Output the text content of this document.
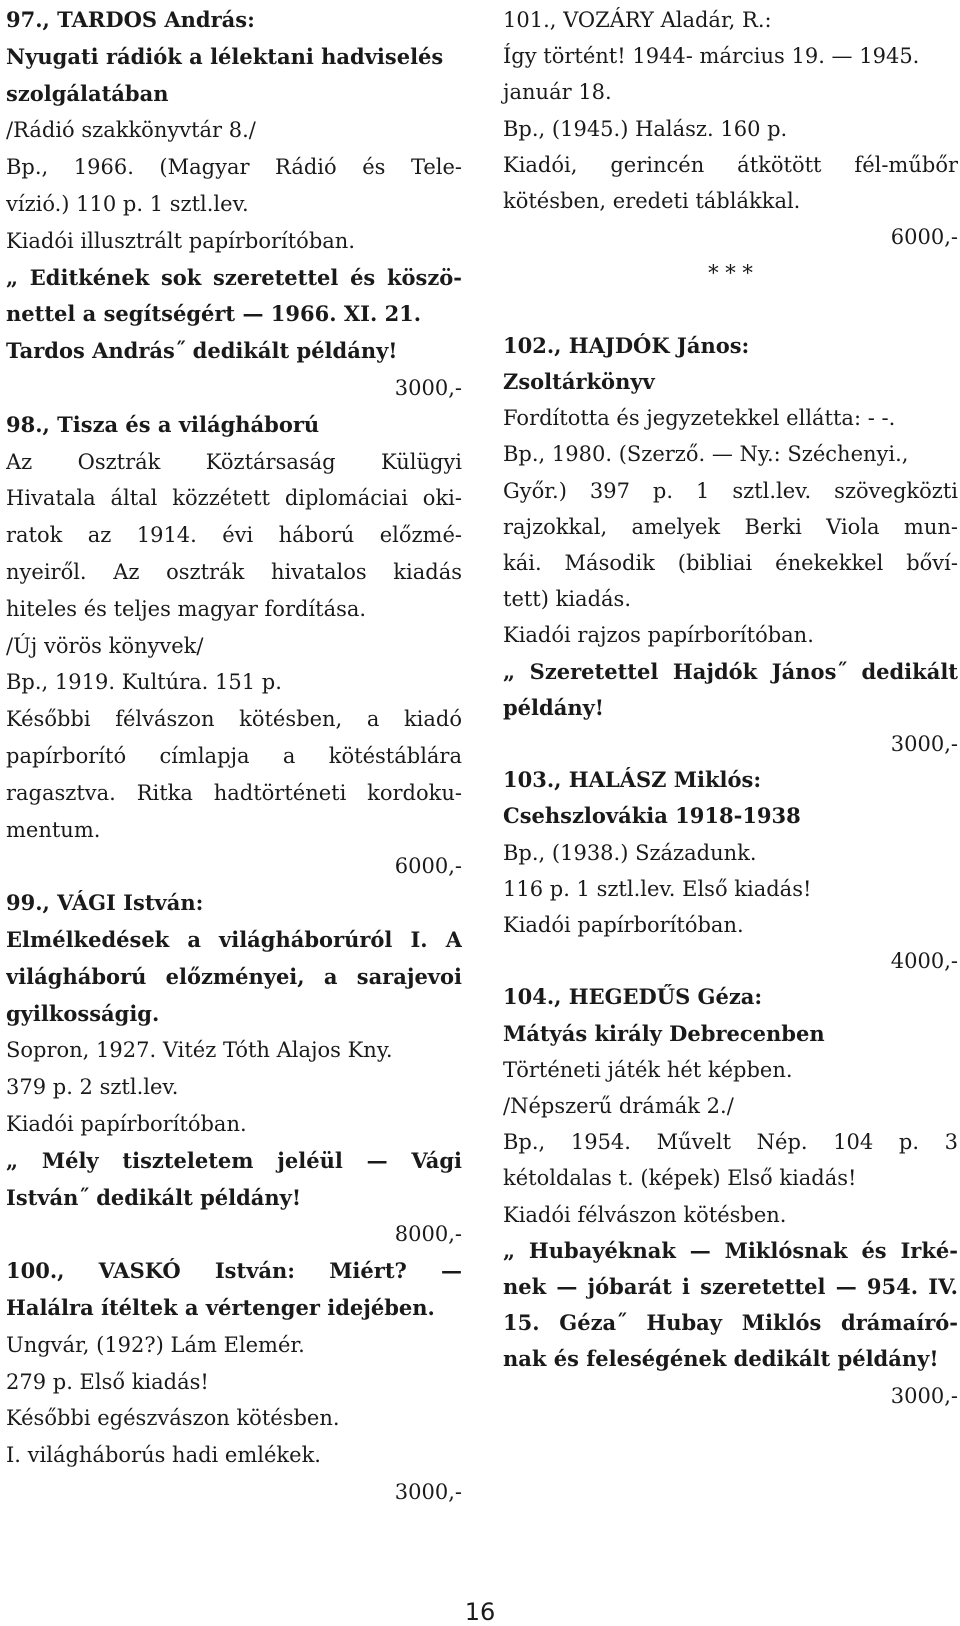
97., TARDOS András:
Nyugati rádiók a lélektani hadviselés
szolgálatában
/Rádió szakkönyvtár 8./
Bp., 1966. (Magyar Rádió és Tele-
vízió.) 110 p. 1 sztl.lev.
Kiadói illusztrált papírborítóban.
„ Editkének sok szeretettel és köszö-
nettel a segítségért — 1966. XI. 21.
Tardos András˝ dedikált példány!
3000,-
98., Tisza és a világháború
Az Osztrák Köztársaság Külügyi
Hivatala által közzétett diplomáciai oki-
ratok az 1914. évi háború előzmé-
nyeiről. Az osztrák hivatalos kiadás
hiteles és teljes magyar fordítása.
/Új vörös könyvek/
Bp., 1919. Kultúra. 151 p.
Későbbi félvászon kötésben, a kiadó
papírborító címlapja a kötéstáblára
ragasztva. Ritka hadtörténeti kordoku-
mentum.
6000,-
99., VÁGI István:
Elmélkedések a világháborúról I. A
világháború előzményei, a sarajevoi
gyilkosságig.
Sopron, 1927. Vitéz Tóth Alajos Kny.
379 p. 2 sztl.lev.
Kiadói papírborítóban.
„ Mély tiszteletem jeléül — Vági
István˝ dedikált példány!
8000,-
100., VASKÓ István: Miért? —
Halálra ítéltek a vértenger idejében.
Ungvár, (192?) Lám Elemér.
279 p. Első kiadás!
Későbbi egészvászon kötésben.
I. világháborús hadi emlékek.
3000,-
101., VOZÁRY Aladár, R.:
Így történt! 1944- március 19. — 1945.
január 18.
Bp., (1945.) Halász. 160 p.
Kiadói, gerincén átkötött fél-műbőr
kötésben, eredeti táblákkal.
6000,-
* * *
102., HAJDÓK János:
Zsoltárkönyv
Fordította és jegyzetekkel ellátta: - -.
Bp., 1980. (Szerző. — Ny.: Széchenyi.,
Győr.) 397 p. 1 sztl.lev. szövegközti
rajzokkal, amelyek Berki Viola mun-
kái. Második (bibliai énekekkel bőví-
tett) kiadás.
Kiadói rajzos papírborítóban.
„ Szeretettel Hajdók János˝ dedikált
példány!
3000,-
103., HALÁSZ Miklós:
Csehszlovákia 1918-1938
Bp., (1938.) Századunk.
116 p. 1 sztl.lev. Első kiadás!
Kiadói papírborítóban.
4000,-
104., HEGEDŰS Géza:
Mátyás király Debrecenben
Történeti játék hét képben.
/Népszerű drámák 2./
Bp., 1954. Művelt Nép. 104 p. 3
kétoldalas t. (képek) Első kiadás!
Kiadói félvászon kötésben.
„ Hubayéknak — Miklósnak és Irké-
nek — jóbarát i szeretettel — 954. IV.
15. Géza˝ Hubay Miklós drámaíró-
nak és feleségének dedikált példány!
3000,-
16
